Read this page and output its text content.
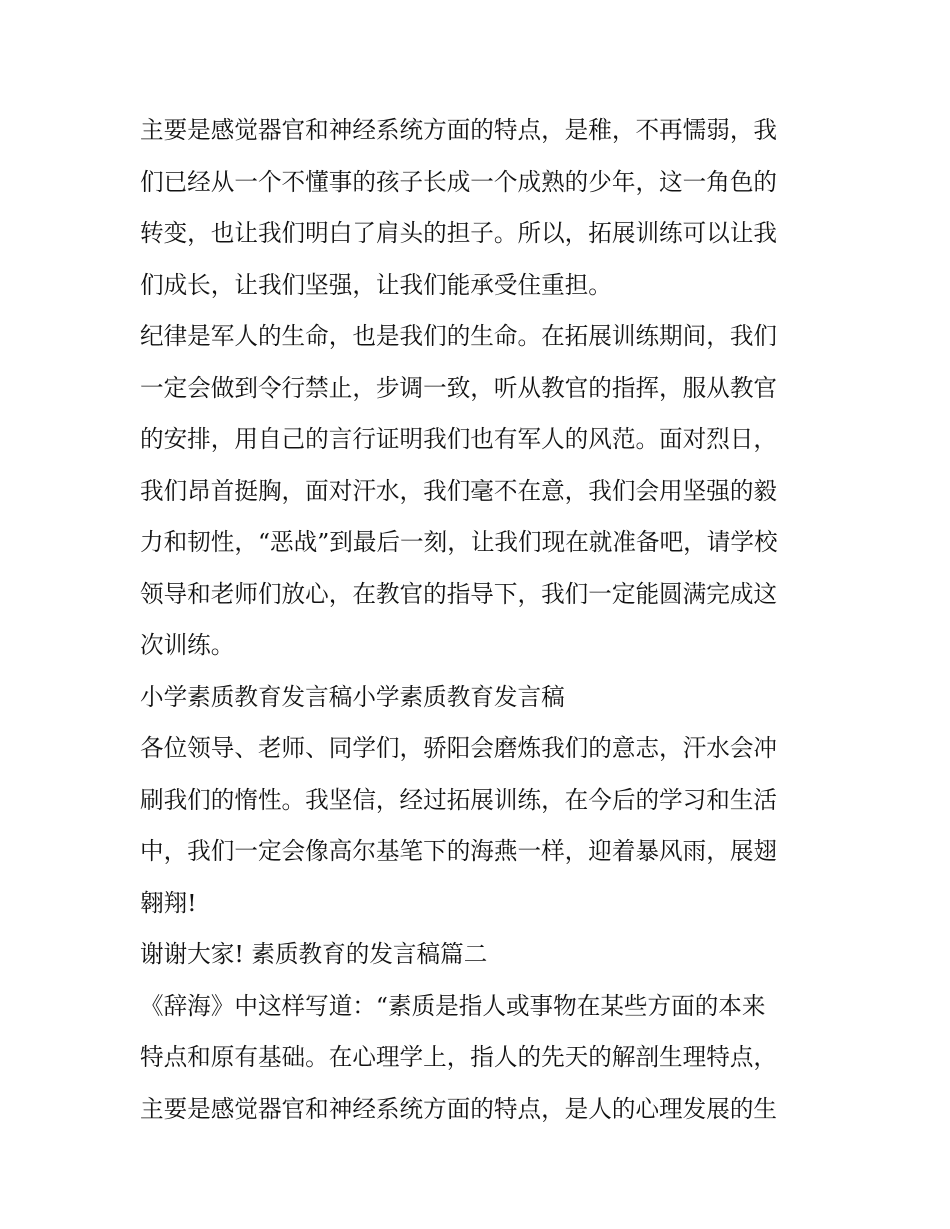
主要是感觉器官和神经系统方面的特点，是稚，不再懦弱，我
们已经从一个不懂事的孩子长成一个成熟的少年，这一角色的
转变，也让我们明白了肩头的担子。所以，拓展训练可以让我
们成长，让我们坚强，让我们能承受住重担。
纪律是军人的生命，也是我们的生命。在拓展训练期间，我们
一定会做到令行禁止，步调一致，听从教官的指挥，服从教官
的安排，用自己的言行证明我们也有军人的风范。面对烈日，
我们昂首挺胸，面对汗水，我们毫不在意，我们会用坚强的毅
力和韧性，“恶战”到最后一刻，让我们现在就准备吧，请学校
领导和老师们放心，在教官的指导下，我们一定能圆满完成这
次训练。
小学素质教育发言稿小学素质教育发言稿
各位领导、老师、同学们，骄阳会磨炼我们的意志，汗水会冲
刷我们的惰性。我坚信，经过拓展训练，在今后的学习和生活
中，我们一定会像高尔基笔下的海燕一样，迎着暴风雨，展翅
翱翔!
谢谢大家! 素质教育的发言稿篇二
《辞海》中这样写道：“素质是指人或事物在某些方面的本来
特点和原有基础。在心理学上，指人的先天的解剖生理特点，
主要是感觉器官和神经系统方面的特点，是人的心理发展的生
